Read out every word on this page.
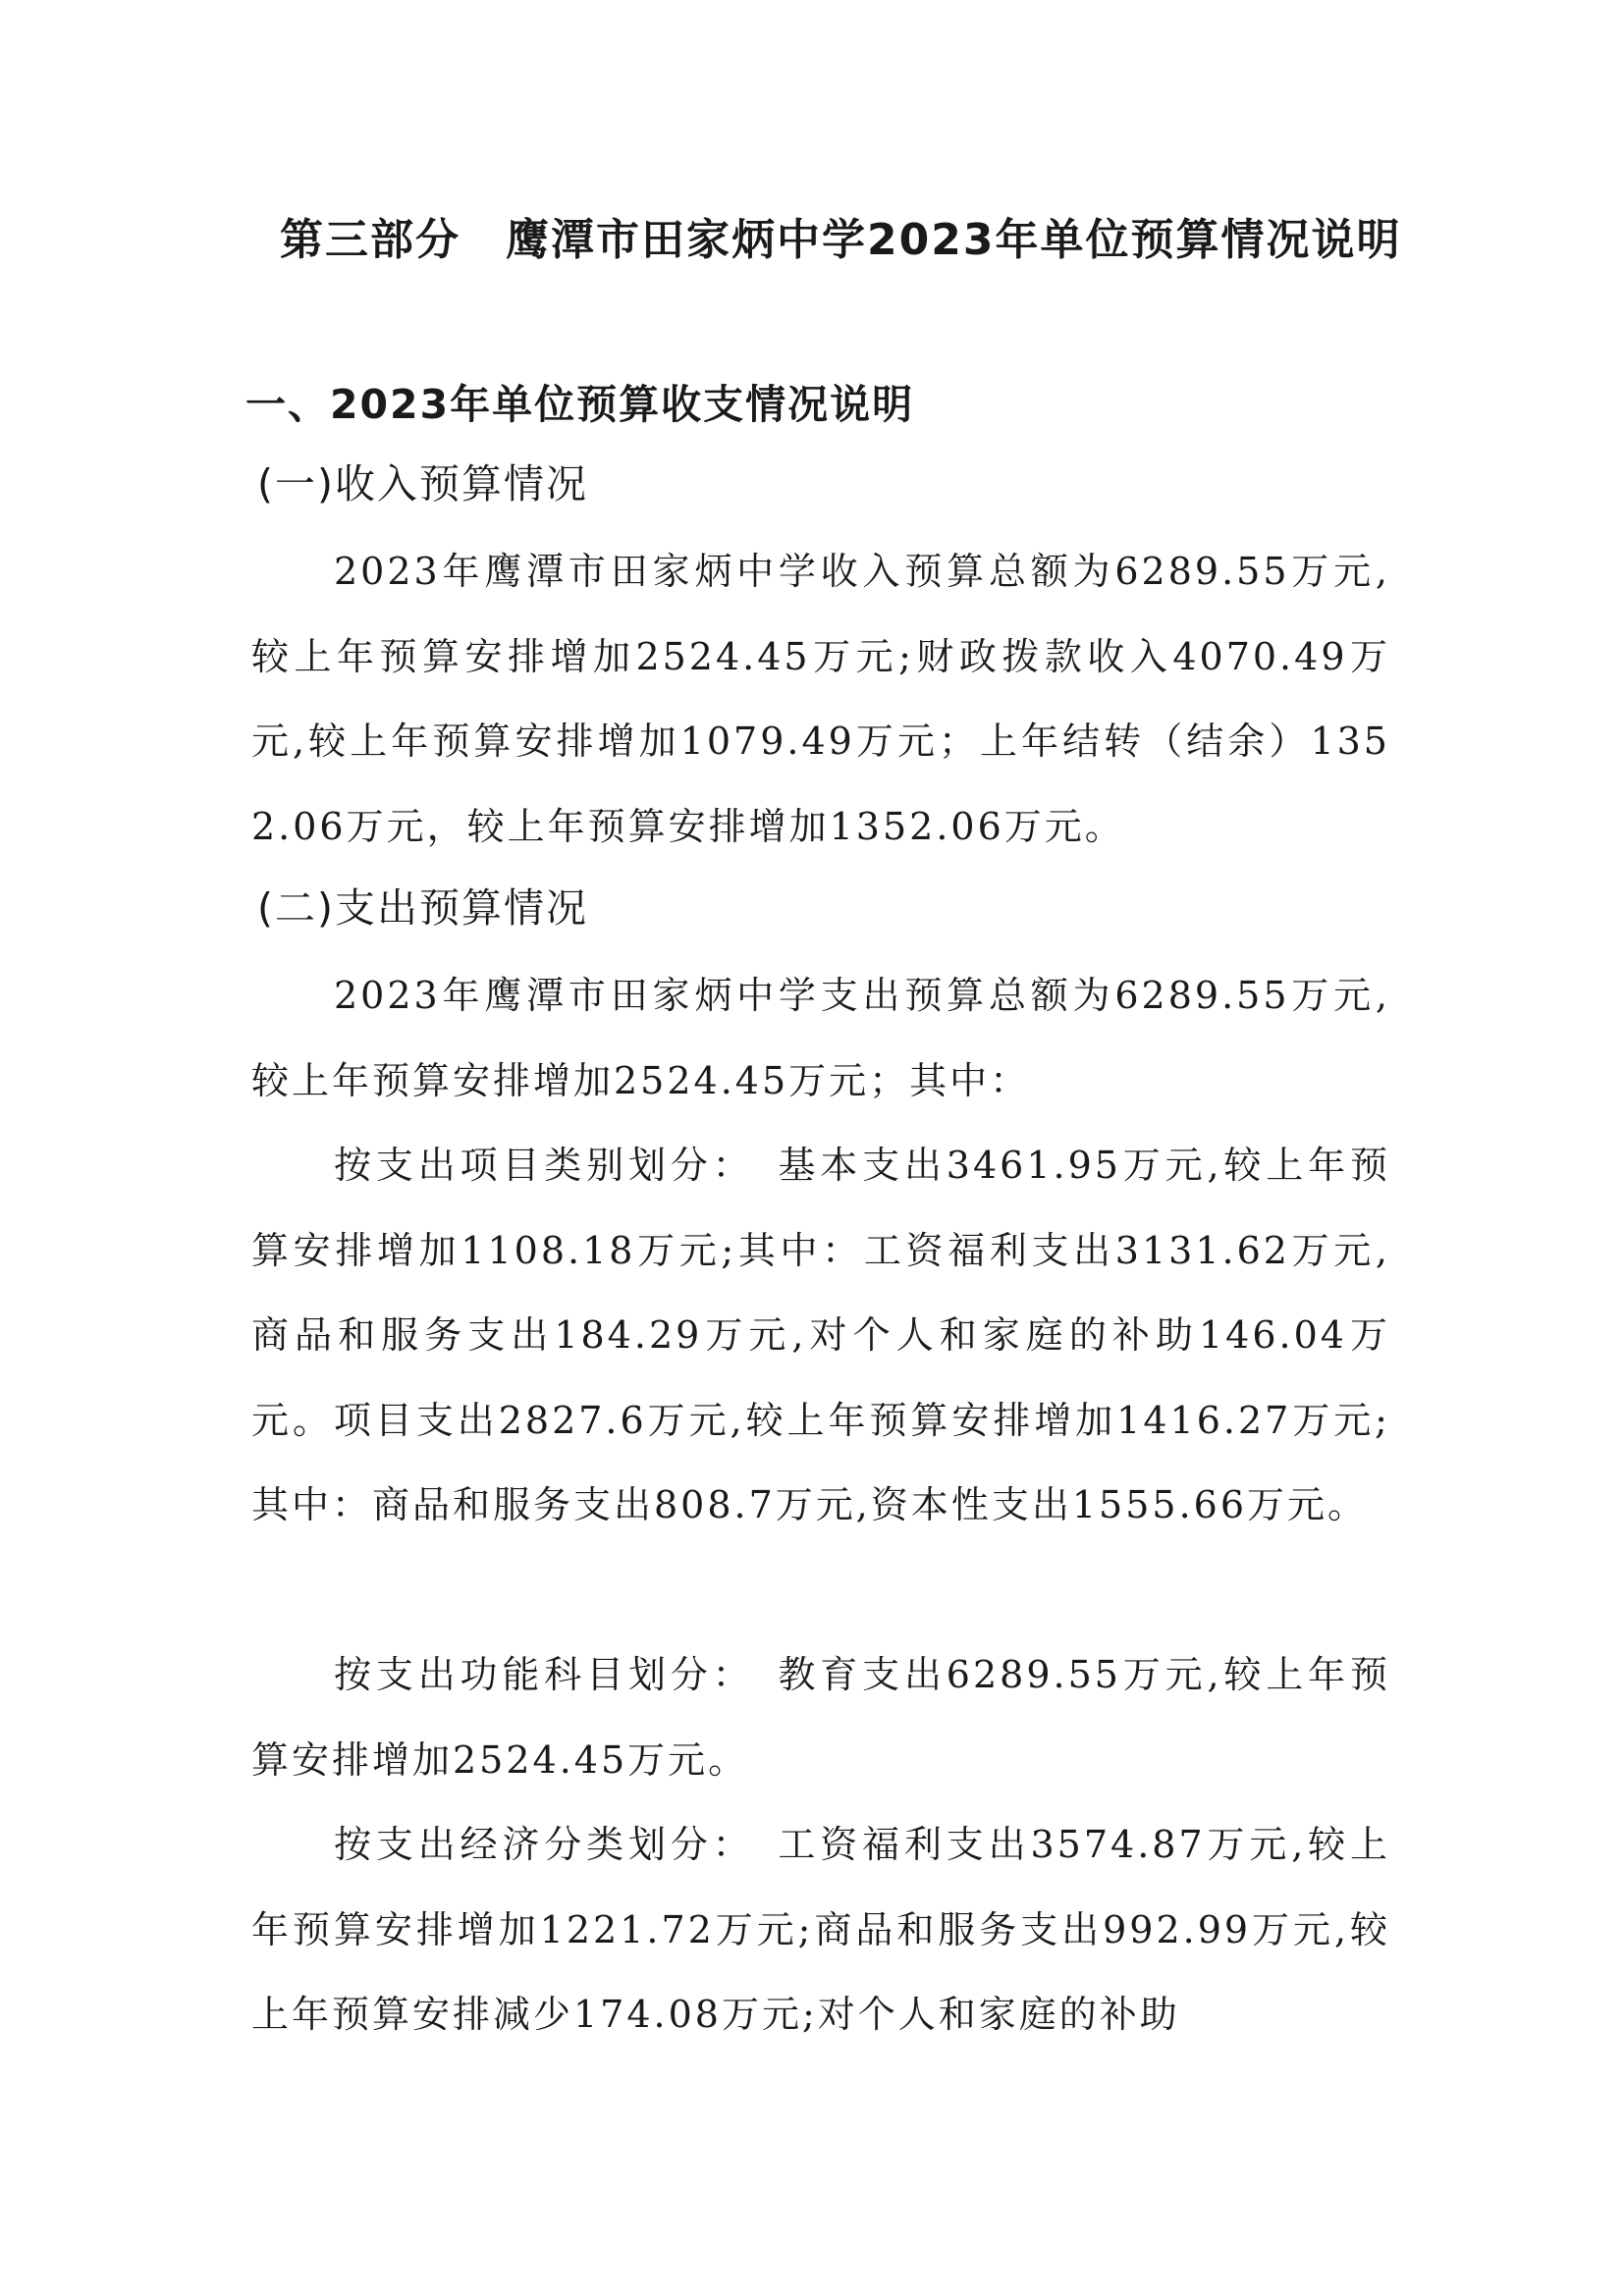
第三部分　鹰潭市田家炳中学2023年单位预算情况说明
一、2023年单位预算收支情况说明
(一)收入预算情况

2023年鹰潭市田家炳中学收入预算总额为6289.55万元,较上年预算安排增加2524.45万元;财政拨款收入4070.49万元,较上年预算安排增加1079.49万元；上年结转（结余）1352.06万元，较上年预算安排增加1352.06万元。

(二)支出预算情况

2023年鹰潭市田家炳中学支出预算总额为6289.55万元,较上年预算安排增加2524.45万元；其中：

按支出项目类别划分：　基本支出3461.95万元,较上年预算安排增加1108.18万元;其中：工资福利支出3131.62万元,商品和服务支出184.29万元,对个人和家庭的补助146.04万元。项目支出2827.6万元,较上年预算安排增加1416.27万元;其中：商品和服务支出808.7万元,资本性支出1555.66万元。

按支出功能科目划分：　教育支出6289.55万元,较上年预算安排增加2524.45万元。

按支出经济分类划分：　工资福利支出3574.87万元,较上年预算安排增加1221.72万元;商品和服务支出992.99万元,较上年预算安排减少174.08万元;对个人和家庭的补助
